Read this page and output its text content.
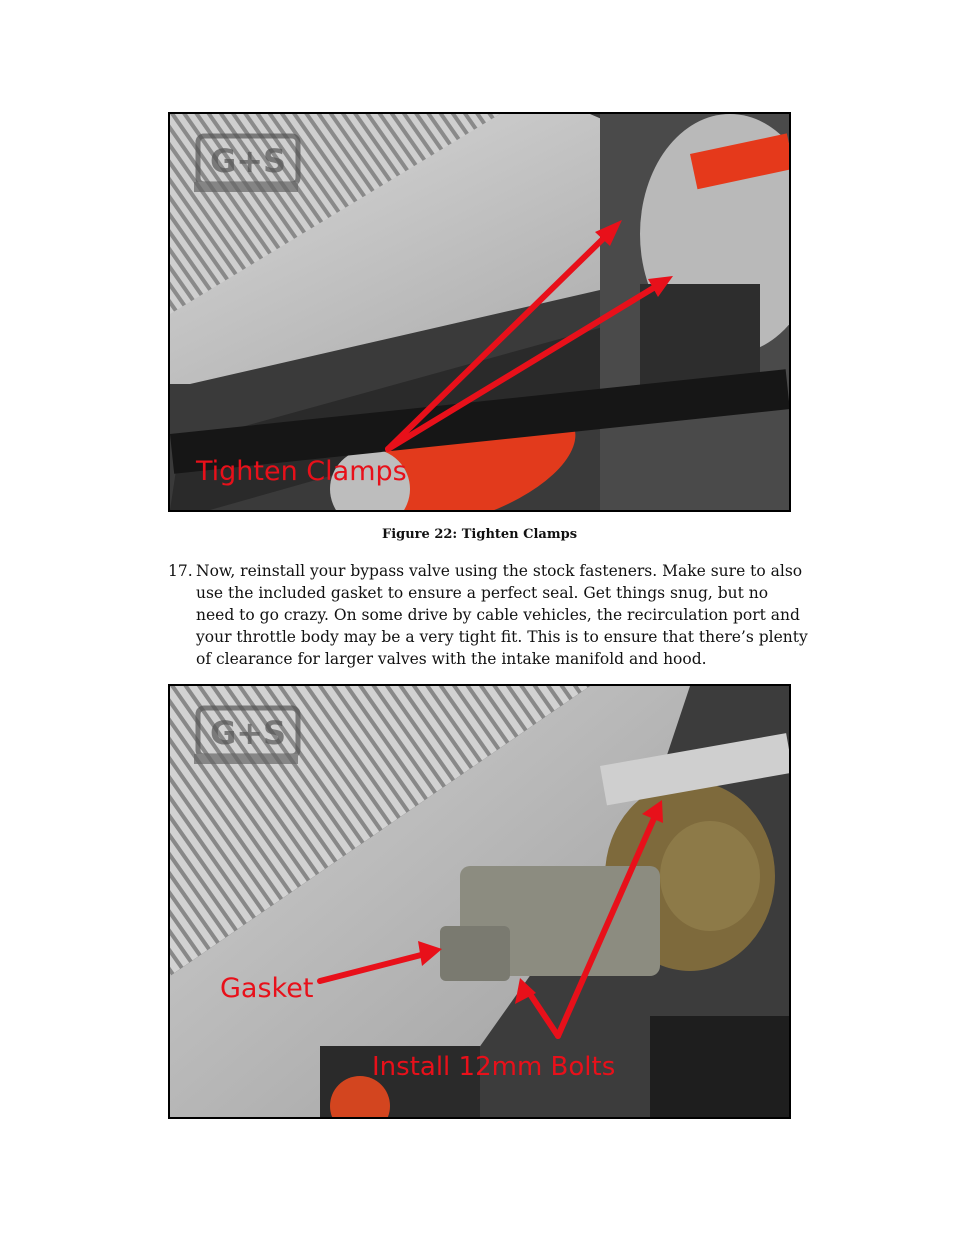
G+S
Tighten Clamps
Figure 22: Tighten Clamps
17. Now, reinstall your bypass valve using the stock fasteners. Make sure to also use the included gasket to ensure a perfect seal. Get things snug, but no need to go crazy. On some drive by cable vehicles, the recirculation port and your throttle body may be a very tight fit. This is to ensure that there’s plenty of clearance for larger valves with the intake manifold and hood.
G+S
Gasket
Install 12mm Bolts
